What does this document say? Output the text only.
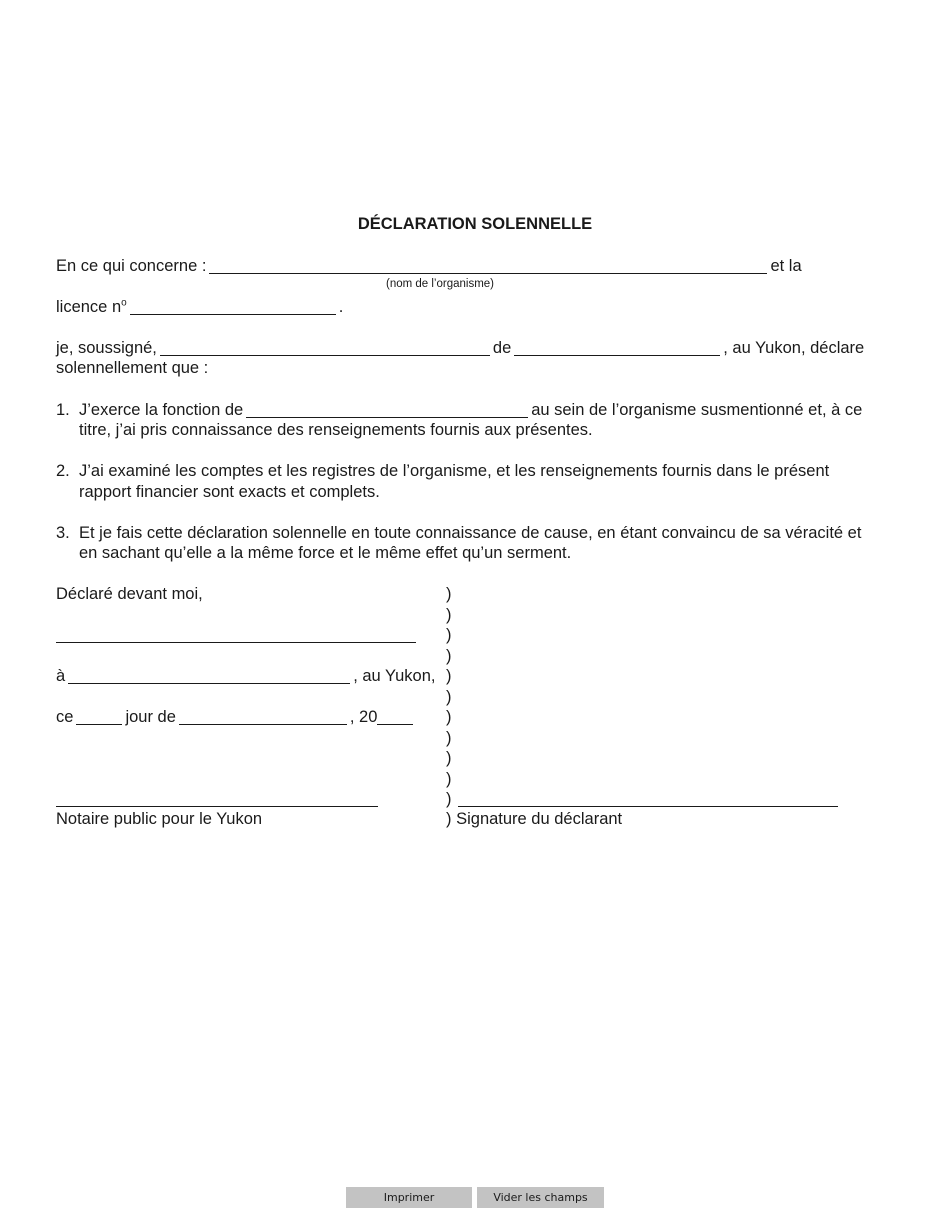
DÉCLARATION SOLENNELLE
En ce qui concerne :	et la
(nom de l’organisme)
licence $n^o$	.
je, soussigné,	de	, au Yukon, déclare
solennellement que :
1. J’exerce la fonction de	au sein de l’organisme susmentionné et, à ce
titre, j’ai pris connaissance des renseignements fournis aux présentes.
2. J’ai examiné les comptes et les registres de l’organisme, et les renseignements fournis dans le présent
rapport financier sont exacts et complets.
3. Et je fais cette déclaration solennelle en toute connaissance de cause, en étant convaincu de sa véracité et
en sachant qu’elle a la même force et le même effet qu’un serment.
Déclaré devant moi,
à	, au Yukon,
ce	jour de	, 20
Notaire public pour le Yukon
)
)
)
)
)
)
)
)
)
)
)
) Signature du déclarant
Imprimer	Vider les champs
